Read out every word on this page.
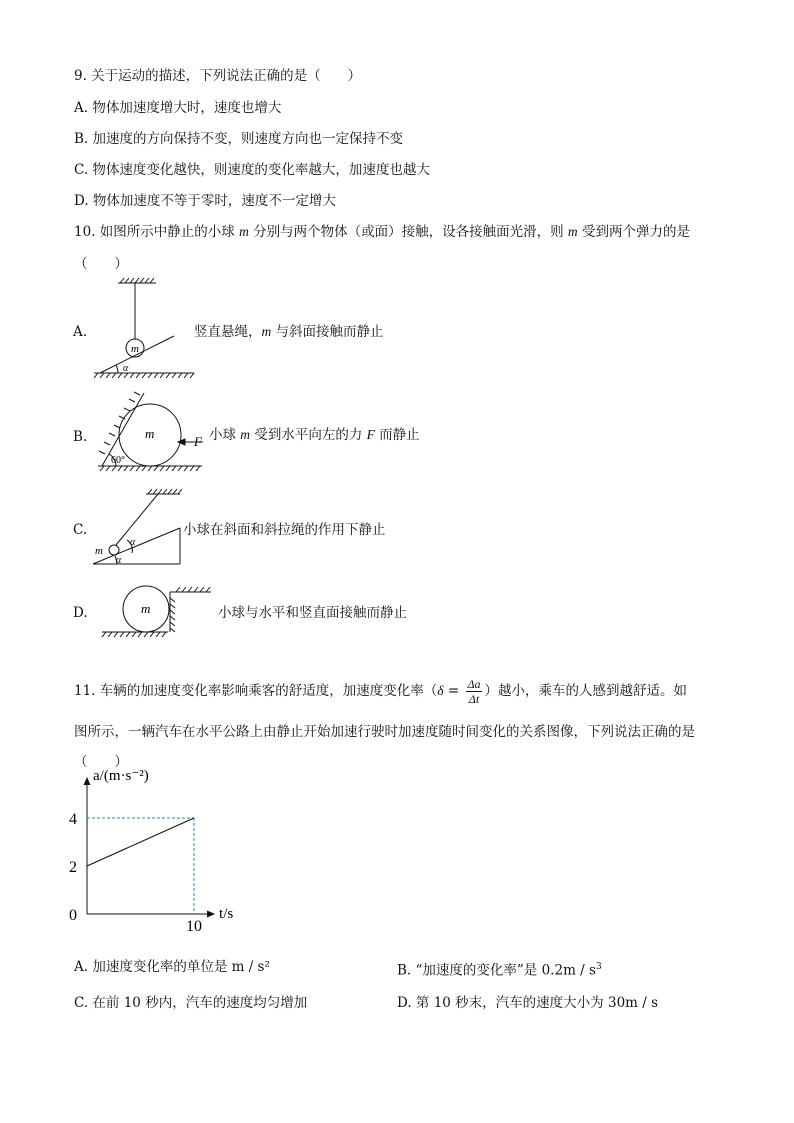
9. 关于运动的描述，下列说法正确的是（　　）
A. 物体加速度增大时，速度也增大
B. 加速度的方向保持不变，则速度方向也一定保持不变
C. 物体速度变化越快，则速度的变化率越大，加速度也越大
D. 物体加速度不等于零时，速度不一定增大
10. 如图所示中静止的小球 m 分别与两个物体（或面）接触，设各接触面光滑，则 m 受到两个弹力的是
（　　）
A.
m
α
竖直悬绳，m 与斜面接触而静止
B.	m
60°
F 小球 m 受到水平向左的力 F 而静止
C.
m
α
α
小球在斜面和斜拉绳的作用下静止
D.	m	小球与水平和竖直面接触而静止
11. 车辆的加速度变化率影响乘客的舒适度，加速度变化率（$\delta = \frac{\Delta a}{\Delta t}$ ）越小，乘车的人感到越舒适。如
图所示，一辆汽车在水平公路上由静止开始加速行驶时加速度随时间变化的关系图像，下列说法正确的是
（　　）
0
2
4
10
a/(m·s⁻²)
t/s
A. 加速度变化率的单位是 m / s²	B. “加速度的变化率”是 $0.2m / s^3$
C. 在前 10 秒内，汽车的速度均匀增加	D. 第 10 秒末，汽车的速度大小为 30m / s
